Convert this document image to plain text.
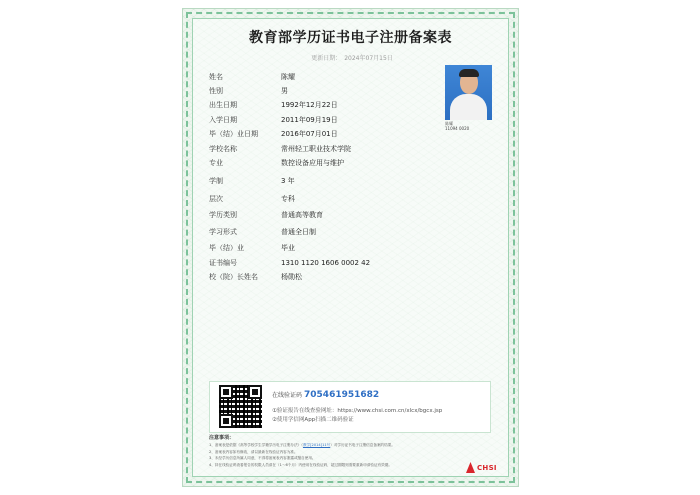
教育部学历证书电子注册备案表
更新日期： 2024年07月15日
姓名	陈耀
性别	男
出生日期	1992年12月22日
入学日期	2011年09月19日
毕（结）业日期	2016年07月01日
学校名称	常州轻工职业技术学院
专业	数控设备应用与维护
学制	3 年
层次	专科
学历类别	普通高等教育
学习形式	普通全日制
毕（结）业	毕业
证书编号	1310 1120 1606 0002 42
校（院）长姓名	杨勋松
陈耀
11094 0020
在线验证码 705461951682
①验证报告在线查验网址：https://www.chsi.com.cn/xlcx/bgcx.jsp
②使用学信网App扫描二维码验证
注意事项：
1、备案表是依据《高等学校学生学籍学历电子注册办法》（教学[2014]11号）对学历证书电子注册信息备案的结果。
2、备案表内容如有修改，请以最新在线验证内容为准。
3、未经学历信息所属人同意，不得将备案表内容泄露或擅自使用。
4、持在线验证码查看报告的权限人员请在（1～6个月）内使用在线验证码，超过期限则需要重新申请验证有效期。	CHSI
